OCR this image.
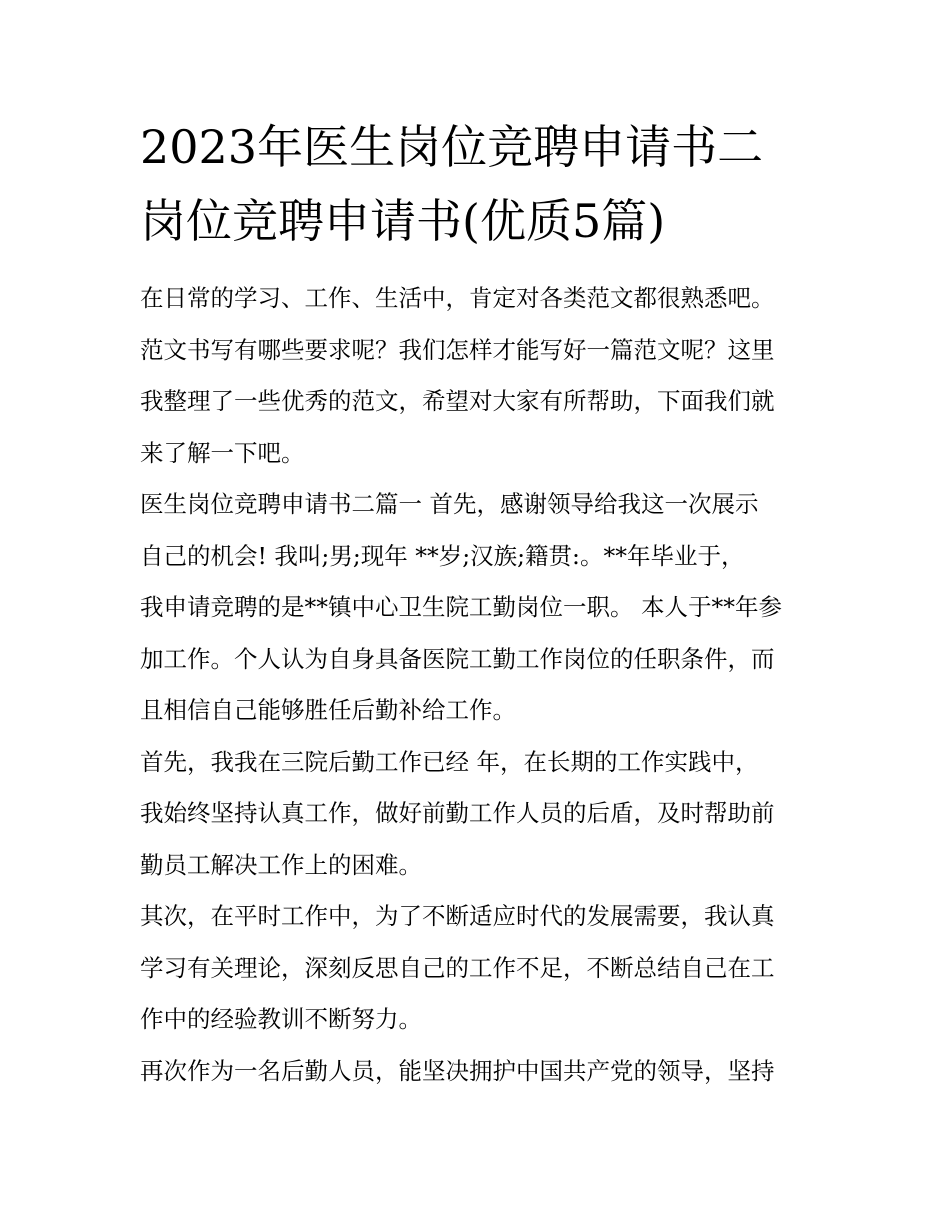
2023年医生岗位竞聘申请书二
岗位竞聘申请书(优质5篇)

在日常的学习、工作、生活中，肯定对各类范文都很熟悉吧。
范文书写有哪些要求呢？我们怎样才能写好一篇范文呢？这里
我整理了一些优秀的范文，希望对大家有所帮助，下面我们就
来了解一下吧。

医生岗位竞聘申请书二篇一 首先，感谢领导给我这一次展示
自己的机会! 我叫;男;现年 **岁;汉族;籍贯:。**年毕业于，
我申请竞聘的是**镇中心卫生院工勤岗位一职。 本人于**年参
加工作。个人认为自身具备医院工勤工作岗位的任职条件，而
且相信自己能够胜任后勤补给工作。

首先，我我在三院后勤工作已经 年，在长期的工作实践中，
我始终坚持认真工作，做好前勤工作人员的后盾，及时帮助前
勤员工解决工作上的困难。

其次，在平时工作中，为了不断适应时代的发展需要，我认真
学习有关理论，深刻反思自己的工作不足，不断总结自己在工
作中的经验教训不断努力。

再次作为一名后勤人员，能坚决拥护中国共产党的领导，坚持
